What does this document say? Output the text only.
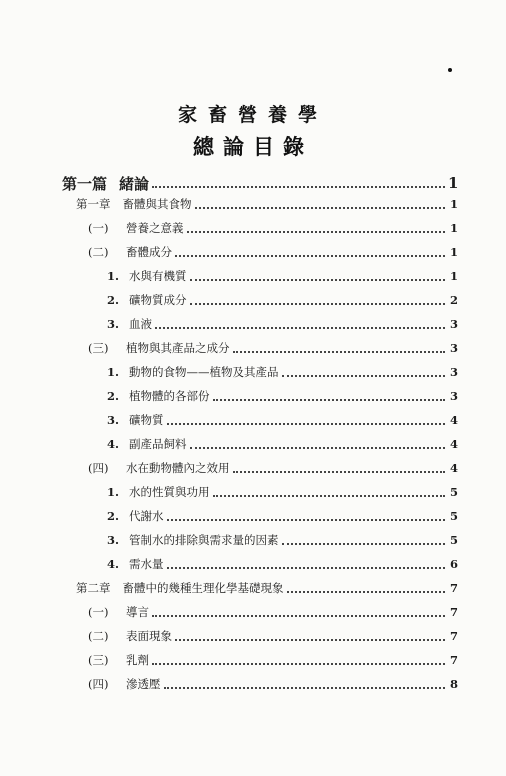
家畜營養學
總論目錄
第一篇 緒論	1
第一章 畜體與其食物	1
(一)	營養之意義	1
(二)	畜體成分	1
1. 水與有機質	1
2. 礦物質成分	2
3. 血液	3
(三)	植物與其產品之成分	3
1. 動物的食物——植物及其產品	3
2. 植物體的各部份	3
3. 礦物質	4
4. 副產品飼料	4
(四)	水在動物體內之效用	4
1. 水的性質與功用	5
2. 代謝水	5
3. 管制水的排除與需求量的因素	5
4. 需水量	6
第二章 畜體中的幾種生理化學基礎現象	7
(一)	導言	7
(二)	表面現象	7
(三)	乳劑	7
(四)	滲透壓	8
